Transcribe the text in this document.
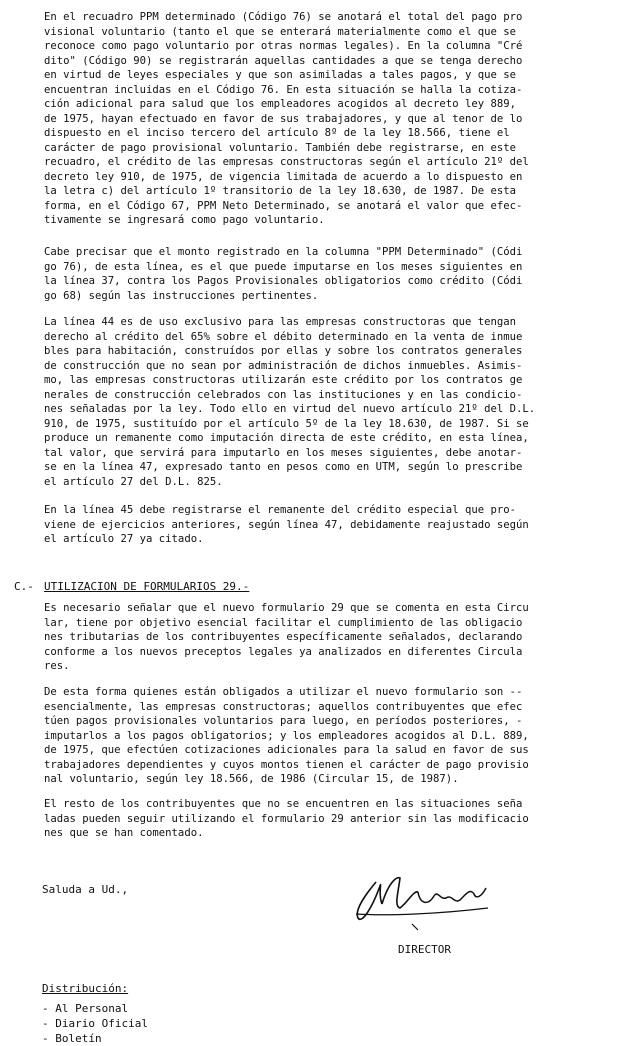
En el recuadro PPM determinado (Código 76) se anotará el total del pago pro
visional voluntario (tanto el que se enterará materialmente como el que se
reconoce como pago voluntario por otras normas legales). En la columna "Cré
dito" (Código 90) se registrarán aquellas cantidades a que se tenga derecho
en virtud de leyes especiales y que son asimiladas a tales pagos, y que se
encuentran incluidas en el Código 76. En esta situación se halla la cotiza-
ción adicional para salud que los empleadores acogidos al decreto ley 889,
de 1975, hayan efectuado en favor de sus trabajadores, y que al tenor de lo
dispuesto en el inciso tercero del artículo 8º de la ley 18.566, tiene el
carácter de pago provisional voluntario. También debe registrarse, en este
recuadro, el crédito de las empresas constructoras según el artículo 21º del
decreto ley 910, de 1975, de vigencia limitada de acuerdo a lo dispuesto en
la letra c) del artículo 1º transitorio de la ley 18.630, de 1987. De esta
forma, en el Código 67, PPM Neto Determinado, se anotará el valor que efec-
tivamente se ingresará como pago voluntario.
Cabe precisar que el monto registrado en la columna "PPM Determinado" (Códi
go 76), de esta línea, es el que puede imputarse en los meses siguientes en
la línea 37, contra los Pagos Provisionales obligatorios como crédito (Códi
go 68) según las instrucciones pertinentes.
La línea 44 es de uso exclusivo para las empresas constructoras que tengan
derecho al crédito del 65% sobre el débito determinado en la venta de inmue
bles para habitación, construídos por ellas y sobre los contratos generales
de construcción que no sean por administración de dichos inmuebles. Asimis-
mo, las empresas constructoras utilizarán este crédito por los contratos ge
nerales de construcción celebrados con las instituciones y en las condicio-
nes señaladas por la ley. Todo ello en virtud del nuevo artículo 21º del D.L.
910, de 1975, sustituído por el artículo 5º de la ley 18.630, de 1987. Si se
produce un remanente como imputación directa de este crédito, en esta línea,
tal valor, que servirá para imputarlo en los meses siguientes, debe anotar-
se en la línea 47, expresado tanto en pesos como en UTM, según lo prescribe
el artículo 27 del D.L. 825.
En la línea 45 debe registrarse el remanente del crédito especial que pro-
viene de ejercicios anteriores, según línea 47, debidamente reajustado según
el artículo 27 ya citado.
C.- UTILIZACION DE FORMULARIOS 29.-
Es necesario señalar que el nuevo formulario 29 que se comenta en esta Circu
lar, tiene por objetivo esencial facilitar el cumplimiento de las obligacio
nes tributarias de los contribuyentes específicamente señalados, declarando
conforme a los nuevos preceptos legales ya analizados en diferentes Circula
res.
De esta forma quienes están obligados a utilizar el nuevo formulario son --
esencialmente, las empresas constructoras; aquellos contribuyentes que efec
túen pagos provisionales voluntarios para luego, en períodos posteriores, -
imputarlos a los pagos obligatorios; y los empleadores acogidos al D.L. 889,
de 1975, que efectúen cotizaciones adicionales para la salud en favor de sus
trabajadores dependientes y cuyos montos tienen el carácter de pago provisio
nal voluntario, según ley 18.566, de 1986 (Circular 15, de 1987).
El resto de los contribuyentes que no se encuentren en las situaciones seña
ladas pueden seguir utilizando el formulario 29 anterior sin las modificacio
nes que se han comentado.
Saluda a Ud.,
DIRECTOR
Distribución:
- Al Personal
- Diario Oficial
- Boletín
